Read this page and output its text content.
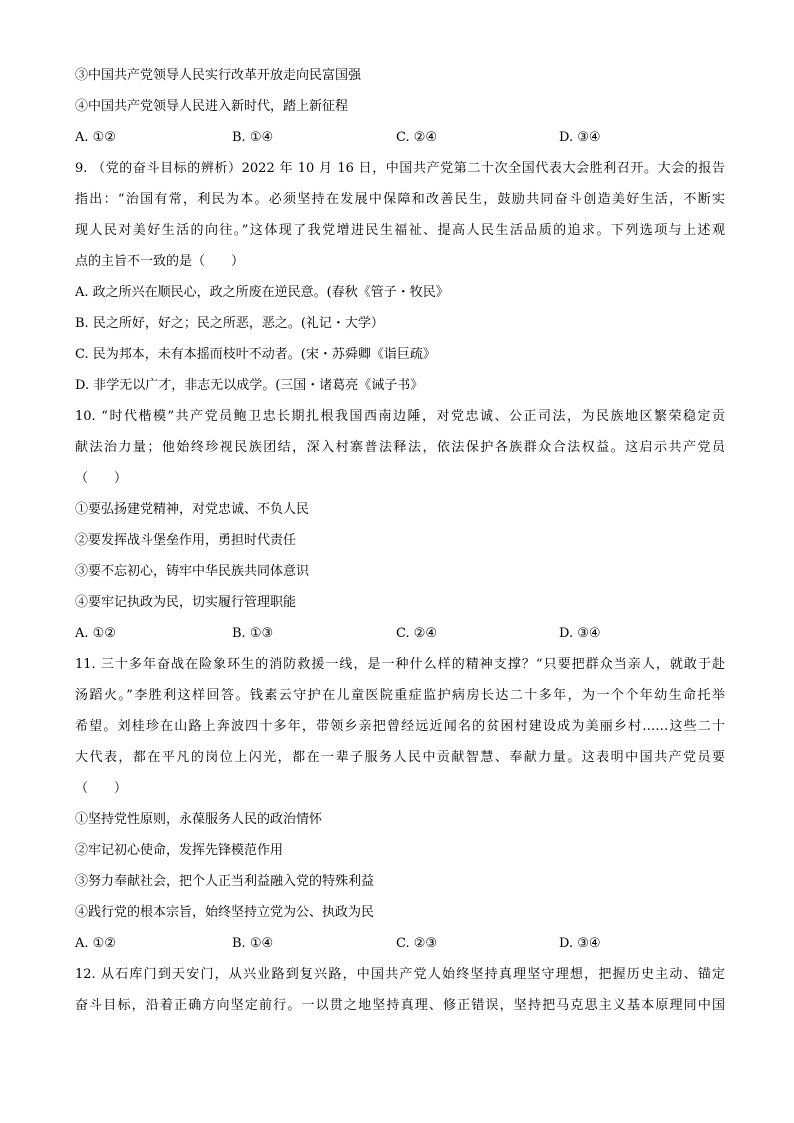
③中国共产党领导人民实行改革开放走向民富国强
④中国共产党领导人民进入新时代，踏上新征程
A. ①②	B. ①④	C. ②④	D. ③④
9. （党的奋斗目标的辨析）2022 年 10 月 16 日，中国共产党第二十次全国代表大会胜利召开。大会的报告
指出：“治国有常，利民为本。必须坚持在发展中保障和改善民生，鼓励共同奋斗创造美好生活，不断实
现人民对美好生活的向往。”这体现了我党增进民生福祉、提高人民生活品质的追求。下列选项与上述观
点的主旨不一致的是（　　）
A. 政之所兴在顺民心，政之所废在逆民意。(春秋《管子・牧民》
B. 民之所好，好之；民之所恶，恶之。(礼记・大学）
C. 民为邦本，未有本摇而枝叶不动者。(宋・苏舜卿《诣巨疏》
D. 非学无以广才，非志无以成学。(三国・诸葛亮《诫子书》
10. “时代楷模”共产党员鲍卫忠长期扎根我国西南边陲，对党忠诚、公正司法，为民族地区繁荣稳定贡
献法治力量；他始终珍视民族团结，深入村寨普法释法，依法保护各族群众合法权益。这启示共产党员
（　　）
①要弘扬建党精神，对党忠诚、不负人民
②要发挥战斗堡垒作用，勇担时代责任
③要不忘初心，铸牢中华民族共同体意识
④要牢记执政为民，切实履行管理职能
A. ①②	B. ①③	C. ②④	D. ③④
11. 三十多年奋战在险象环生的消防救援一线，是一种什么样的精神支撑？“只要把群众当亲人，就敢于赴
汤蹈火。”李胜利这样回答。钱素云守护在儿童医院重症监护病房长达二十多年，为一个个年幼生命托举
希望。刘桂珍在山路上奔波四十多年，带领乡亲把曾经远近闻名的贫困村建设成为美丽乡村……这些二十
大代表，都在平凡的岗位上闪光，都在一辈子服务人民中贡献智慧、奉献力量。这表明中国共产党员要
（　　）
①坚持党性原则，永葆服务人民的政治情怀
②牢记初心使命，发挥先锋模范作用
③努力奉献社会，把个人正当利益融入党的特殊利益
④践行党的根本宗旨，始终坚持立党为公、执政为民
A. ①②	B. ①④	C. ②③	D. ③④
12. 从石库门到天安门，从兴业路到复兴路，中国共产党人始终坚持真理坚守理想，把握历史主动、锚定
奋斗目标，沿着正确方向坚定前行。一以贯之地坚持真理、修正错误，坚持把马克思主义基本原理同中国
